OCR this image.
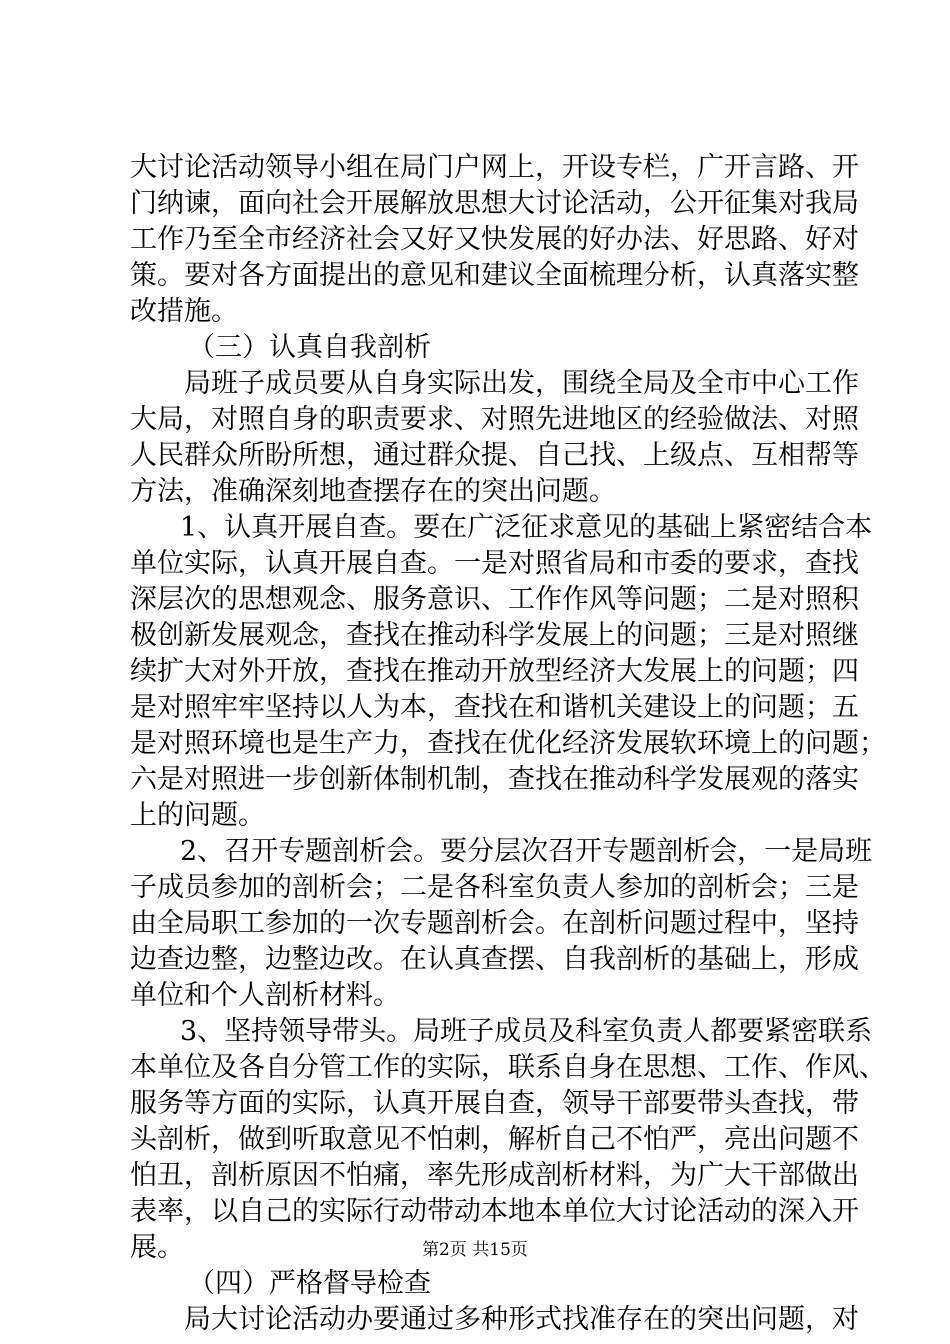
大讨论活动领导小组在局门户网上，开设专栏，广开言路、开
门纳谏，面向社会开展解放思想大讨论活动，公开征集对我局
工作乃至全市经济社会又好又快发展的好办法、好思路、好对
策。要对各方面提出的意见和建议全面梳理分析，认真落实整
改措施。
（三）认真自我剖析
局班子成员要从自身实际出发，围绕全局及全市中心工作
大局，对照自身的职责要求、对照先进地区的经验做法、对照
人民群众所盼所想，通过群众提、自己找、上级点、互相帮等
方法，准确深刻地查摆存在的突出问题。
1、认真开展自查。要在广泛征求意见的基础上紧密结合本
单位实际，认真开展自查。一是对照省局和市委的要求，查找
深层次的思想观念、服务意识、工作作风等问题；二是对照积
极创新发展观念，查找在推动科学发展上的问题；三是对照继
续扩大对外开放，查找在推动开放型经济大发展上的问题；四
是对照牢牢坚持以人为本，查找在和谐机关建设上的问题；五
是对照环境也是生产力，查找在优化经济发展软环境上的问题；
六是对照进一步创新体制机制，查找在推动科学发展观的落实
上的问题。
2、召开专题剖析会。要分层次召开专题剖析会，一是局班
子成员参加的剖析会；二是各科室负责人参加的剖析会；三是
由全局职工参加的一次专题剖析会。在剖析问题过程中，坚持
边查边整，边整边改。在认真查摆、自我剖析的基础上，形成
单位和个人剖析材料。
3、坚持领导带头。局班子成员及科室负责人都要紧密联系
本单位及各自分管工作的实际，联系自身在思想、工作、作风、
服务等方面的实际，认真开展自查，领导干部要带头查找，带
头剖析，做到听取意见不怕刺，解析自己不怕严，亮出问题不
怕丑，剖析原因不怕痛，率先形成剖析材料，为广大干部做出
表率，以自己的实际行动带动本地本单位大讨论活动的深入开
展。
（四）严格督导检查
局大讨论活动办要通过多种形式找准存在的突出问题，对
第2页 共15页
